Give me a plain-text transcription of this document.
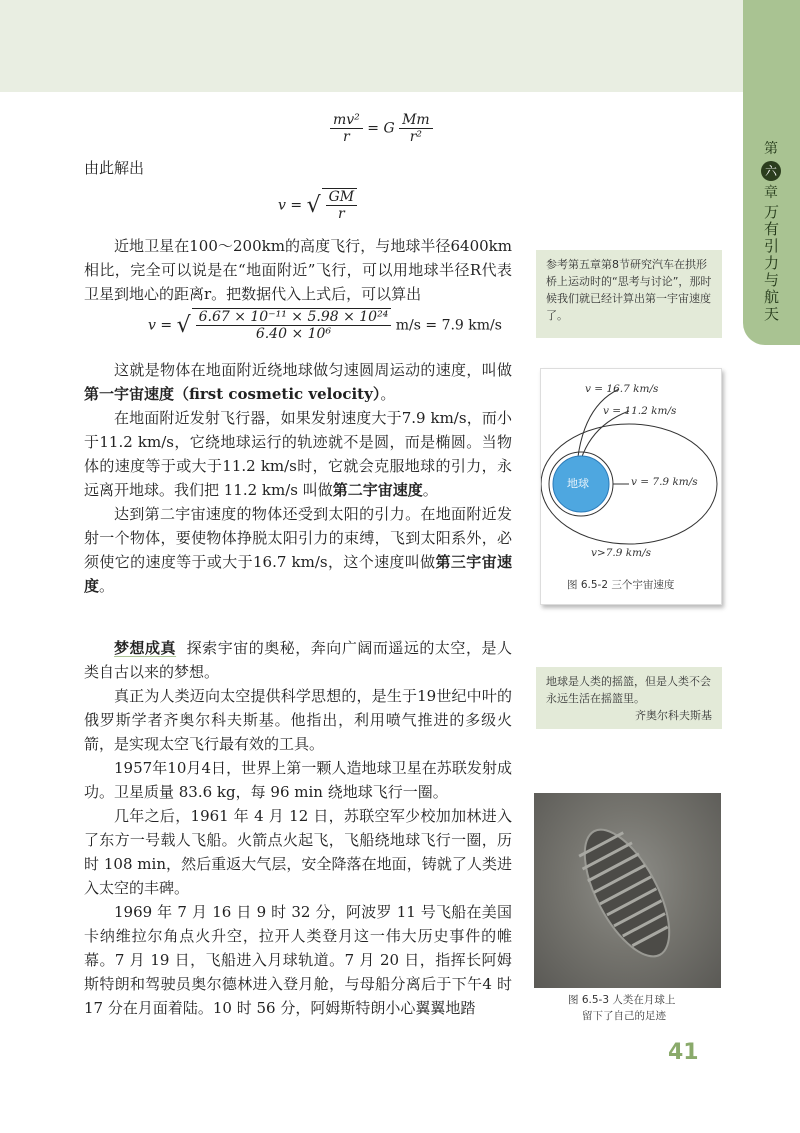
第
六
章
万有引力与航天
$\frac{\text{mv²}}{r} = G \frac{Mm}{\text{r²}}$

由此解出

v = √ $\frac{GM}{r}$

近地卫星在100～200km的高度飞行，与地球半径6400km相比，完全可以说是在“地面附近”飞行，可以用地球半径R代表卫星到地心的距离r。把数据代入上式后，可以算出

v = √ $\frac{\text{6.67 × 10⁻¹¹ × 5.98 × 10²⁴}}{\text{6.40 × 10⁶}} m/s = 7.9$ km/s

这就是物体在地面附近绕地球做匀速圆周运动的速度，叫做第一宇宙速度（first cosmetic velocity）。

在地面附近发射飞行器，如果发射速度大于7.9 km/s，而小于11.2 km/s，它绕地球运行的轨迹就不是圆，而是椭圆。当物体的速度等于或大于11.2 km/s时，它就会克服地球的引力，永远离开地球。我们把 11.2 km/s 叫做第二宇宙速度。

达到第二宇宙速度的物体还受到太阳的引力。在地面附近发射一个物体，要使物体挣脱太阳引力的束缚，飞到太阳系外，必须使它的速度等于或大于16.7 km/s，这个速度叫做第三宇宙速度。

梦想成真 探索宇宙的奥秘，奔向广阔而遥远的太空，是人类自古以来的梦想。

真正为人类迈向太空提供科学思想的，是生于19世纪中叶的俄罗斯学者齐奥尔科夫斯基。他指出，利用喷气推进的多级火箭，是实现太空飞行最有效的工具。

1957年10月4日，世界上第一颗人造地球卫星在苏联发射成功。卫星质量 83.6 kg，每 96 min 绕地球飞行一圈。

几年之后，1961 年 4 月 12 日，苏联空军少校加加林进入了东方一号载人飞船。火箭点火起飞，飞船绕地球飞行一圈，历时 108 min，然后重返大气层，安全降落在地面，铸就了人类进入太空的丰碑。

1969 年 7 月 16 日 9 时 32 分，阿波罗 11 号飞船在美国卡纳维拉尔角点火升空，拉开人类登月这一伟大历史事件的帷幕。7 月 19 日，飞船进入月球轨道。7 月 20 日，指挥长阿姆斯特朗和驾驶员奥尔德林进入登月舱，与母船分离后于下午4 时 17 分在月面着陆。10 时 56 分，阿姆斯特朗小心翼翼地踏

参考第五章第8节研究汽车在拱形桥上运动时的“思考与讨论”，那时候我们就已经计算出第一宇宙速度了。
v = 16.7 km/s
v = 11.2 km/s
v = 7.9 km/s
地球
v>7.9 km/s
图 6.5-2 三个宇宙速度
地球是人类的摇篮，但是人类不会永远生活在摇篮里。
齐奥尔科夫斯基
图 6.5-3 人类在月球上
留下了自己的足迹
41
